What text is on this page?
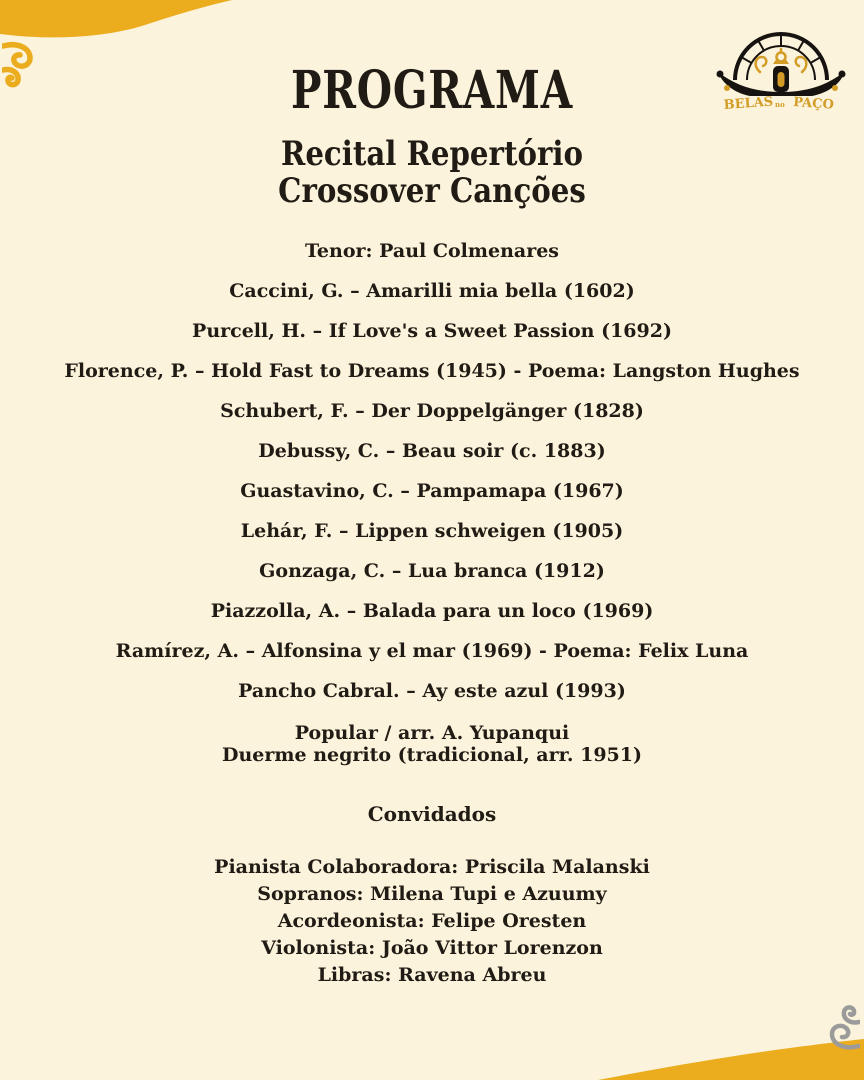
BELAS no PAÇO
PROGRAMA
Recital Repertório
Crossover Canções
Tenor: Paul Colmenares
Caccini, G. – Amarilli mia bella (1602)
Purcell, H. – If Love's a Sweet Passion (1692)
Florence, P. – Hold Fast to Dreams (1945) - Poema: Langston Hughes
Schubert, F. – Der Doppelgänger (1828)
Debussy, C. – Beau soir (c. 1883)
Guastavino, C. – Pampamapa (1967)
Lehár, F. – Lippen schweigen (1905)
Gonzaga, C. – Lua branca (1912)
Piazzolla, A. – Balada para un loco (1969)
Ramírez, A. – Alfonsina y el mar (1969) - Poema: Felix Luna
Pancho Cabral. – Ay este azul (1993)
Popular / arr. A. Yupanqui
Duerme negrito (tradicional, arr. 1951)
Convidados
Pianista Colaboradora: Priscila Malanski
Sopranos: Milena Tupi e Azuumy
Acordeonista: Felipe Oresten
Violonista: João Vittor Lorenzon
Libras: Ravena Abreu
